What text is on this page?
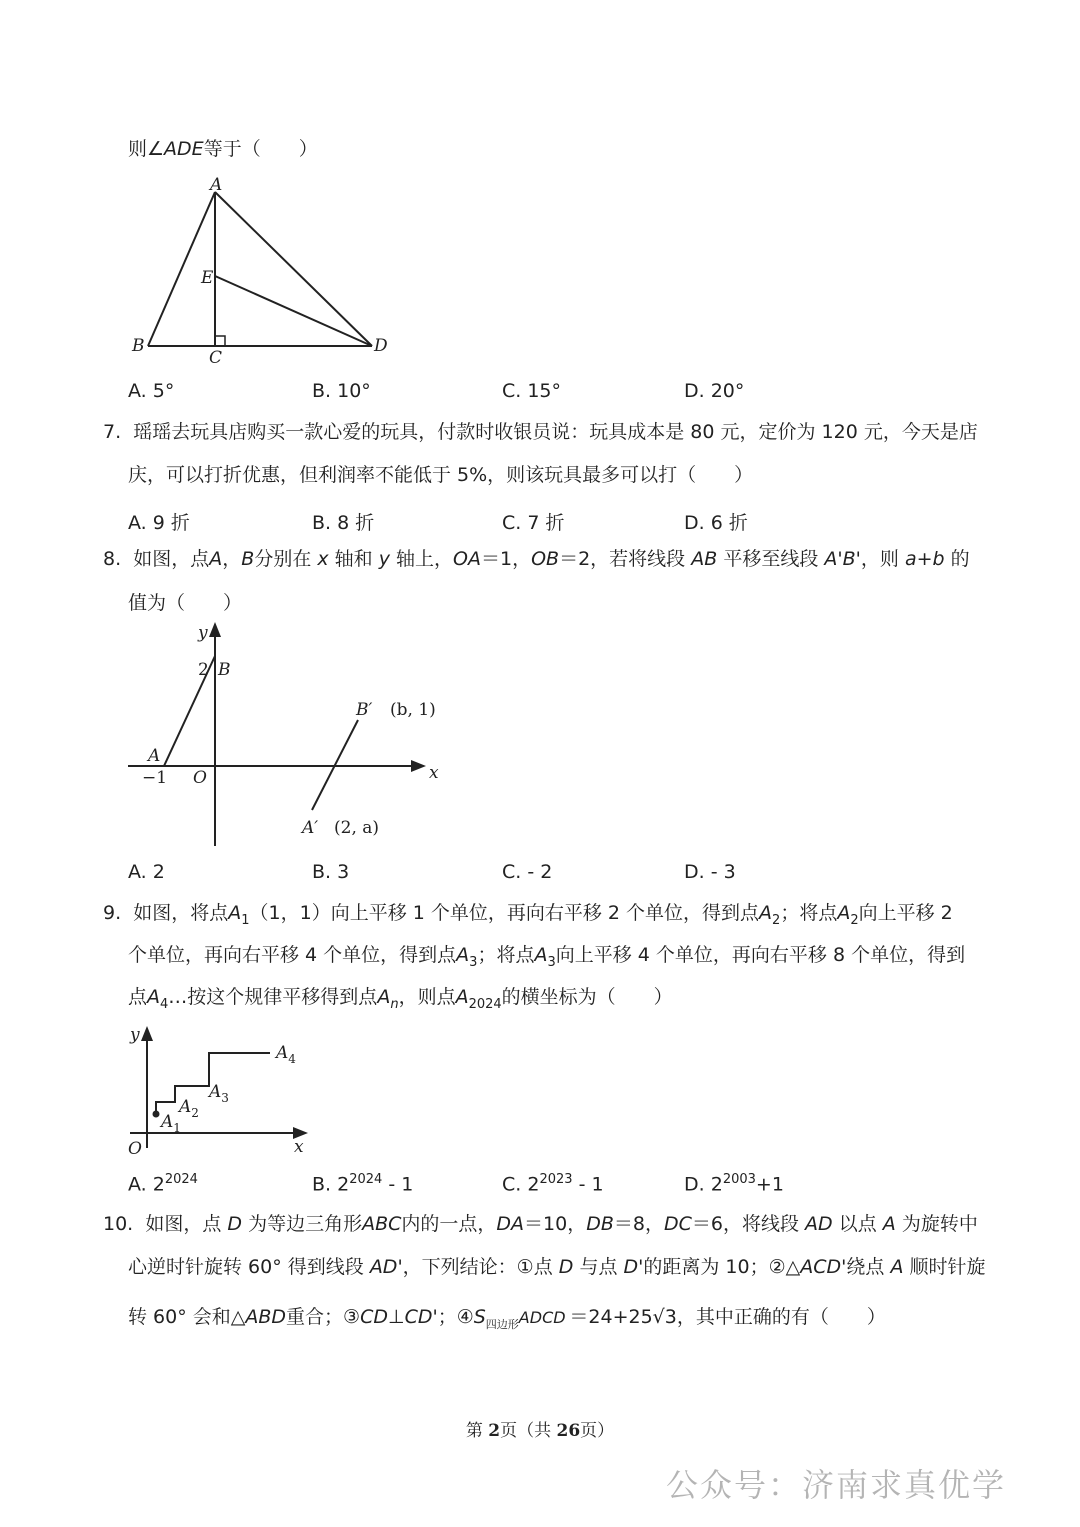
则∠ADE等于（　　）
A
B
C
D
E
A. 5°	B. 10°	C. 15°	D. 20°
7. 瑶瑶去玩具店购买一款心爱的玩具，付款时收银员说：玩具成本是 80 元，定价为 120 元，今天是店
庆，可以打折优惠，但利润率不能低于 5%，则该玩具最多可以打（　　）
A. 9 折	B. 8 折	C. 7 折	D. 6 折
8. 如图，点A，B分别在 x 轴和 y 轴上，OA＝1，OB＝2，若将线段 AB 平移至线段 A'B'，则 a+b 的
值为（　　）
y
x
2 B
A
−1 O
B′ (b, 1)
A′ (2, a)
A. 2	B. 3	C. - 2	D. - 3
9. 如图，将点$A_1(1$，1）向上平移 1 个单位，再向右平移 2 个单位，得到点$A_2$；将点$A_2$向上平移 2
个单位，再向右平移 4 个单位，得到点$A_3$；将点$A_3$向上平移 4 个单位，再向右平移 8 个单位，得到
点$A_4\dots$按这个规律平移得到点$A_n$，则点$A_{2024}$的横坐标为（　　）
y
x
O
$A_1$
$A_2$
$A_3$
$A_4$
A. $2^{2024}$	B. $2^{2024} - 1$	C. $2^{2023} - 1$	D. $2^{2003}+1$
10. 如图，点 D 为等边三角形ABC内的一点，DA＝10，DB＝8，DC＝6，将线段 AD 以点 A 为旋转中
心逆时针旋转 60° 得到线段 AD'，下列结论：①点 D 与点 D'的距离为 10；②△ACD'绕点 A 顺时针旋
转 60° 会和△ABD重合；③CD⊥CD'；$④S_{四边形}ADCD =24+25√3$，其中正确的有（　　）
第 2页（共 26页）
公众号：济南求真优学
